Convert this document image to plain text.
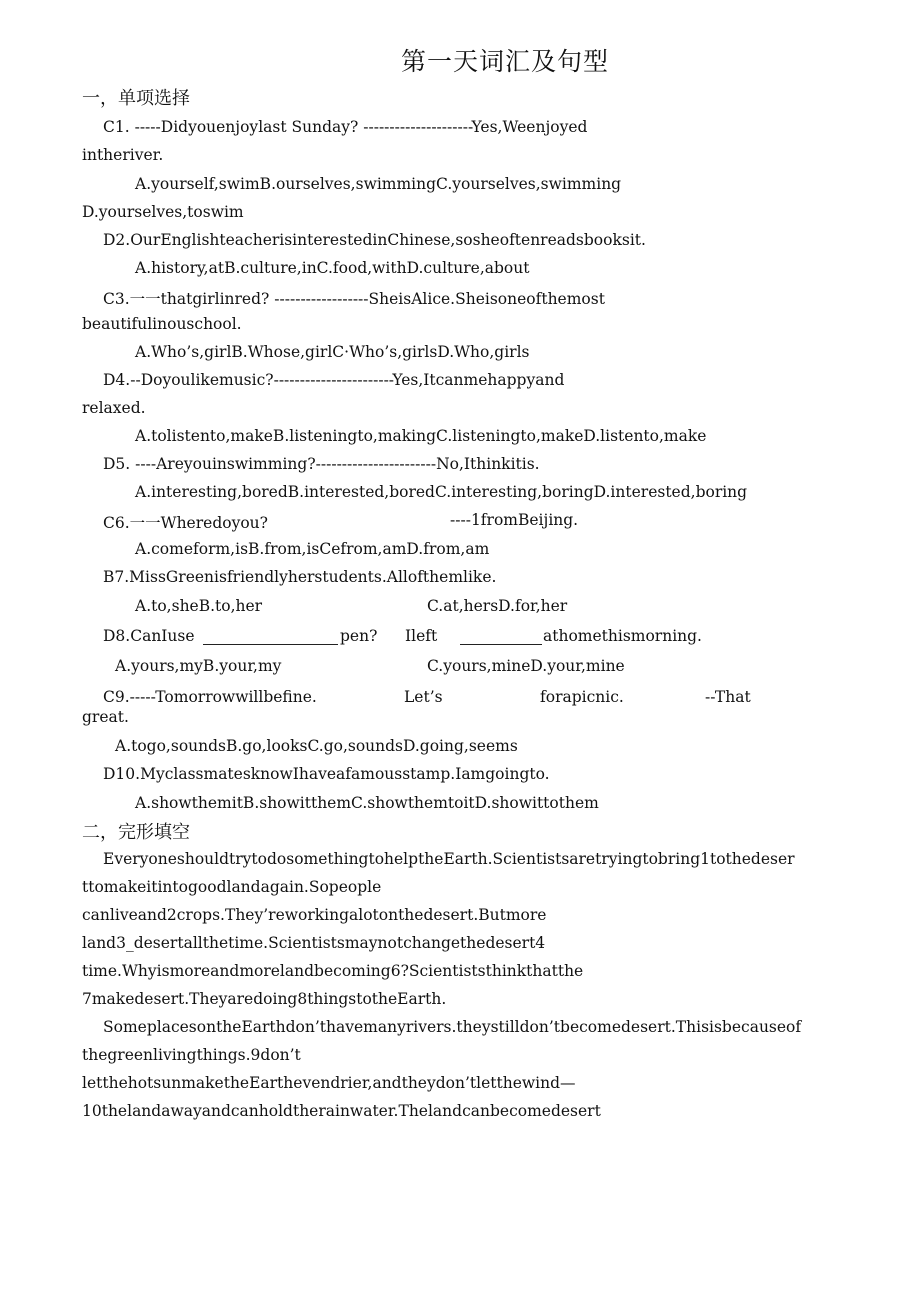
第一天词汇及句型
一，单项选择
C1. -----Didyouenjoylast Sunday? ---------------------Yes,Weenjoyed
intheriver.
A.yourself,swimB.ourselves,swimmingC.yourselves,swimming
D.yourselves,toswim
D2.OurEnglishteacherisinterestedinChinese,sosheoftenreadsbooksit.
A.history,atB.culture,inC.food,withD.culture,about
C3.一一thatgirlinred? ------------------SheisAlice.Sheisoneofthemost
beautifulinouschool.
A.Who’s,girlB.Whose,girlC·Who’s,girlsD.Who,girls
D4.--Doyoulikemusic?-----------------------Yes,Itcanmehappyand
relaxed.
A.tolistento,makeB.listeningto,makingC.listeningto,makeD.listento,make
D5. ----Areyouinswimming?-----------------------No,Ithinkitis.
A.interesting,boredB.interested,boredC.interesting,boringD.interested,boring
C6.一一Wheredoyou?	----1fromBeijing.
A.comeform,isB.from,isCefrom,amD.from,am
B7.MissGreenisfriendlyherstudents.Allofthemlike.
A.to,sheB.to,her	C.at,hersD.for,her
D8.CanIuse	pen? Ileft	athomethismorning.
A.yours,myB.your,my	C.yours,mineD.your,mine
C9.-----Tomorrowwillbefine.	Let’s	forapicnic.	--That
great.
A.togo,soundsB.go,looksC.go,soundsD.going,seems
D10.MyclassmatesknowIhaveafamousstamp.Iamgoingto.
A.showthemitB.showitthemC.showthemtoitD.showittothem
二，完形填空
EveryoneshouldtrytodosomethingtohelptheEarth.Scientistsaretryingtobring1tothedeser
ttomakeitintogoodlandagain.Sopeople
canliveand2crops.They’reworkingalotonthedesert.Butmore
land3_desertallthetime.Scientistsmaynotchangethedesert4
time.Whyismoreandmorelandbecoming6?Scientiststhinkthatthe
7makedesert.Theyaredoing8thingstotheEarth.
SomeplacesontheEarthdon’thavemanyrivers.theystilldon’tbecomedesert.Thisisbecauseof
thegreenlivingthings.9don’t
letthehotsunmaketheEarthevendrier,andtheydon’tletthewind—
10thelandawayandcanholdtherainwater.Thelandcanbecomedesert
